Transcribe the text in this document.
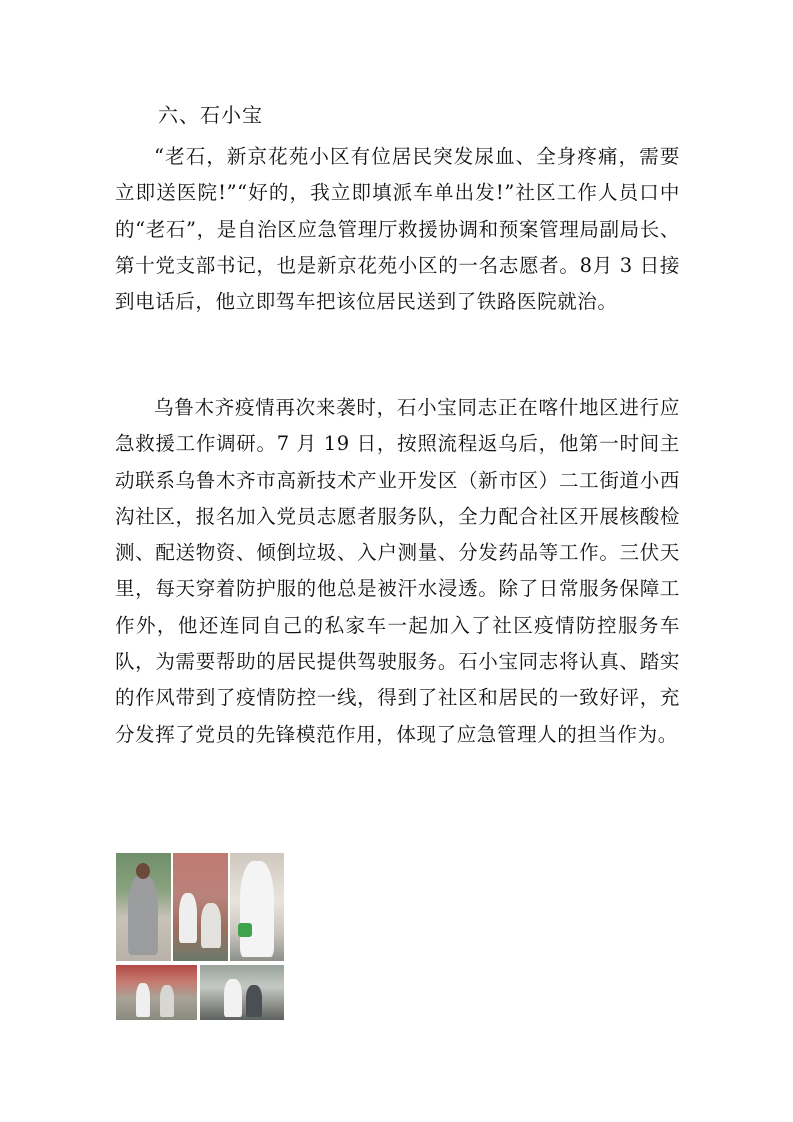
六、石小宝

“老石，新京花苑小区有位居民突发尿血、全身疼痛，需要立即送医院!”“好的，我立即填派车单出发!”社区工作人员口中的“老石”，是自治区应急管理厅救援协调和预案管理局副局长、第十党支部书记，也是新京花苑小区的一名志愿者。8月 3 日接到电话后，他立即驾车把该位居民送到了铁路医院就治。

乌鲁木齐疫情再次来袭时，石小宝同志正在喀什地区进行应急救援工作调研。7 月 19 日，按照流程返乌后，他第一时间主动联系乌鲁木齐市高新技术产业开发区（新市区）二工街道小西沟社区，报名加入党员志愿者服务队，全力配合社区开展核酸检测、配送物资、倾倒垃圾、入户测量、分发药品等工作。三伏天里，每天穿着防护服的他总是被汗水浸透。除了日常服务保障工作外，他还连同自己的私家车一起加入了社区疫情防控服务车队，为需要帮助的居民提供驾驶服务。石小宝同志将认真、踏实的作风带到了疫情防控一线，得到了社区和居民的一致好评，充分发挥了党员的先锋模范作用，体现了应急管理人的担当作为。
